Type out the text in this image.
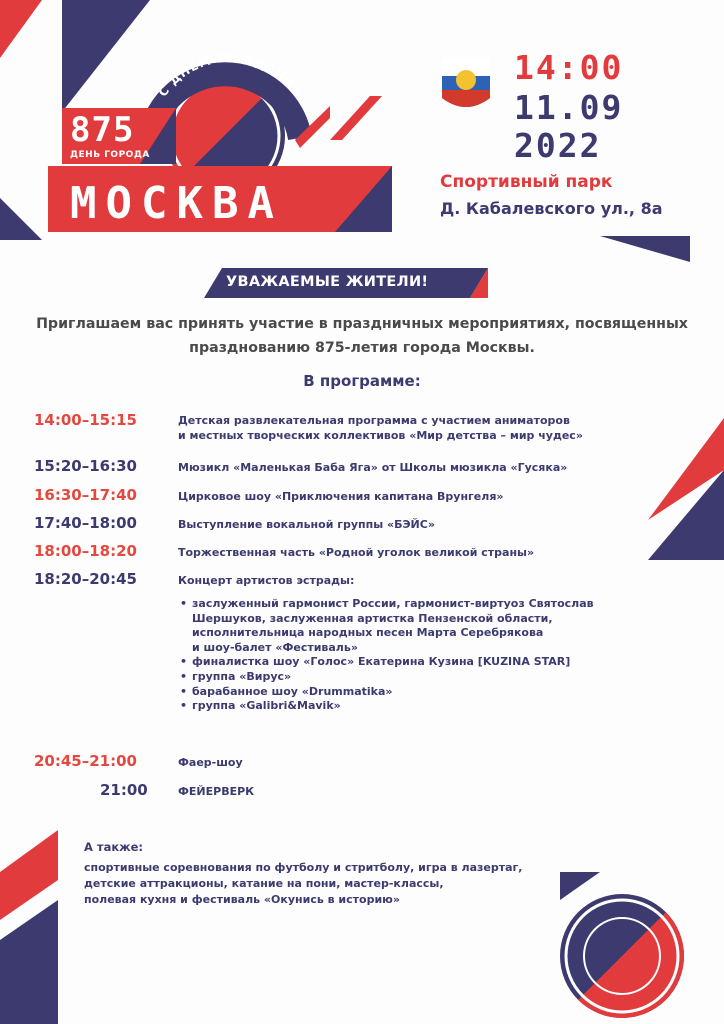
С ДНЁМ РОЖДЕНИЯ
875
ДЕНЬ ГОРОДА
МОСКВА
14:00
11.09
2022
Спортивный парк
Д. Кабалевского ул., 8а
УВАЖАЕМЫЕ ЖИТЕЛИ!
Приглашаем вас принять участие в праздничных мероприятиях, посвященных празднованию 875-летия города Москвы.
В программе:
14:00–15:15	Детская развлекательная программа с участием аниматоров
и местных творческих коллективов «Мир детства – мир чудес»
15:20–16:30	Мюзикл «Маленькая Баба Яга» от Школы мюзикла «Гусяка»
16:30–17:40	Цирковое шоу «Приключения капитана Врунгеля»
17:40–18:00	Выступление вокальной группы «БЭЙС»
18:00–18:20	Торжественная часть «Родной уголок великой страны»
18:20–20:45	Концерт артистов эстрады:
• заслуженный гармонист России, гармонист-виртуоз Святослав
Шершуков, заслуженная артистка Пензенской области,
исполнительница народных песен Марта Серебрякова
и шоу-балет «Фестиваль»
• финалистка шоу «Голос» Екатерина Кузина [KUZINA STAR]
• группа «Вирус»
• барабанное шоу «Drummatika»
• группа «Galibri&Mavik»
20:45–21:00	Фаер-шоу
21:00	ФЕЙЕРВЕРК
А также:
спортивные соревнования по футболу и стритболу, игра в лазертаг,
детские аттракционы, катание на пони, мастер-классы,
полевая кухня и фестиваль «Окунись в историю»
